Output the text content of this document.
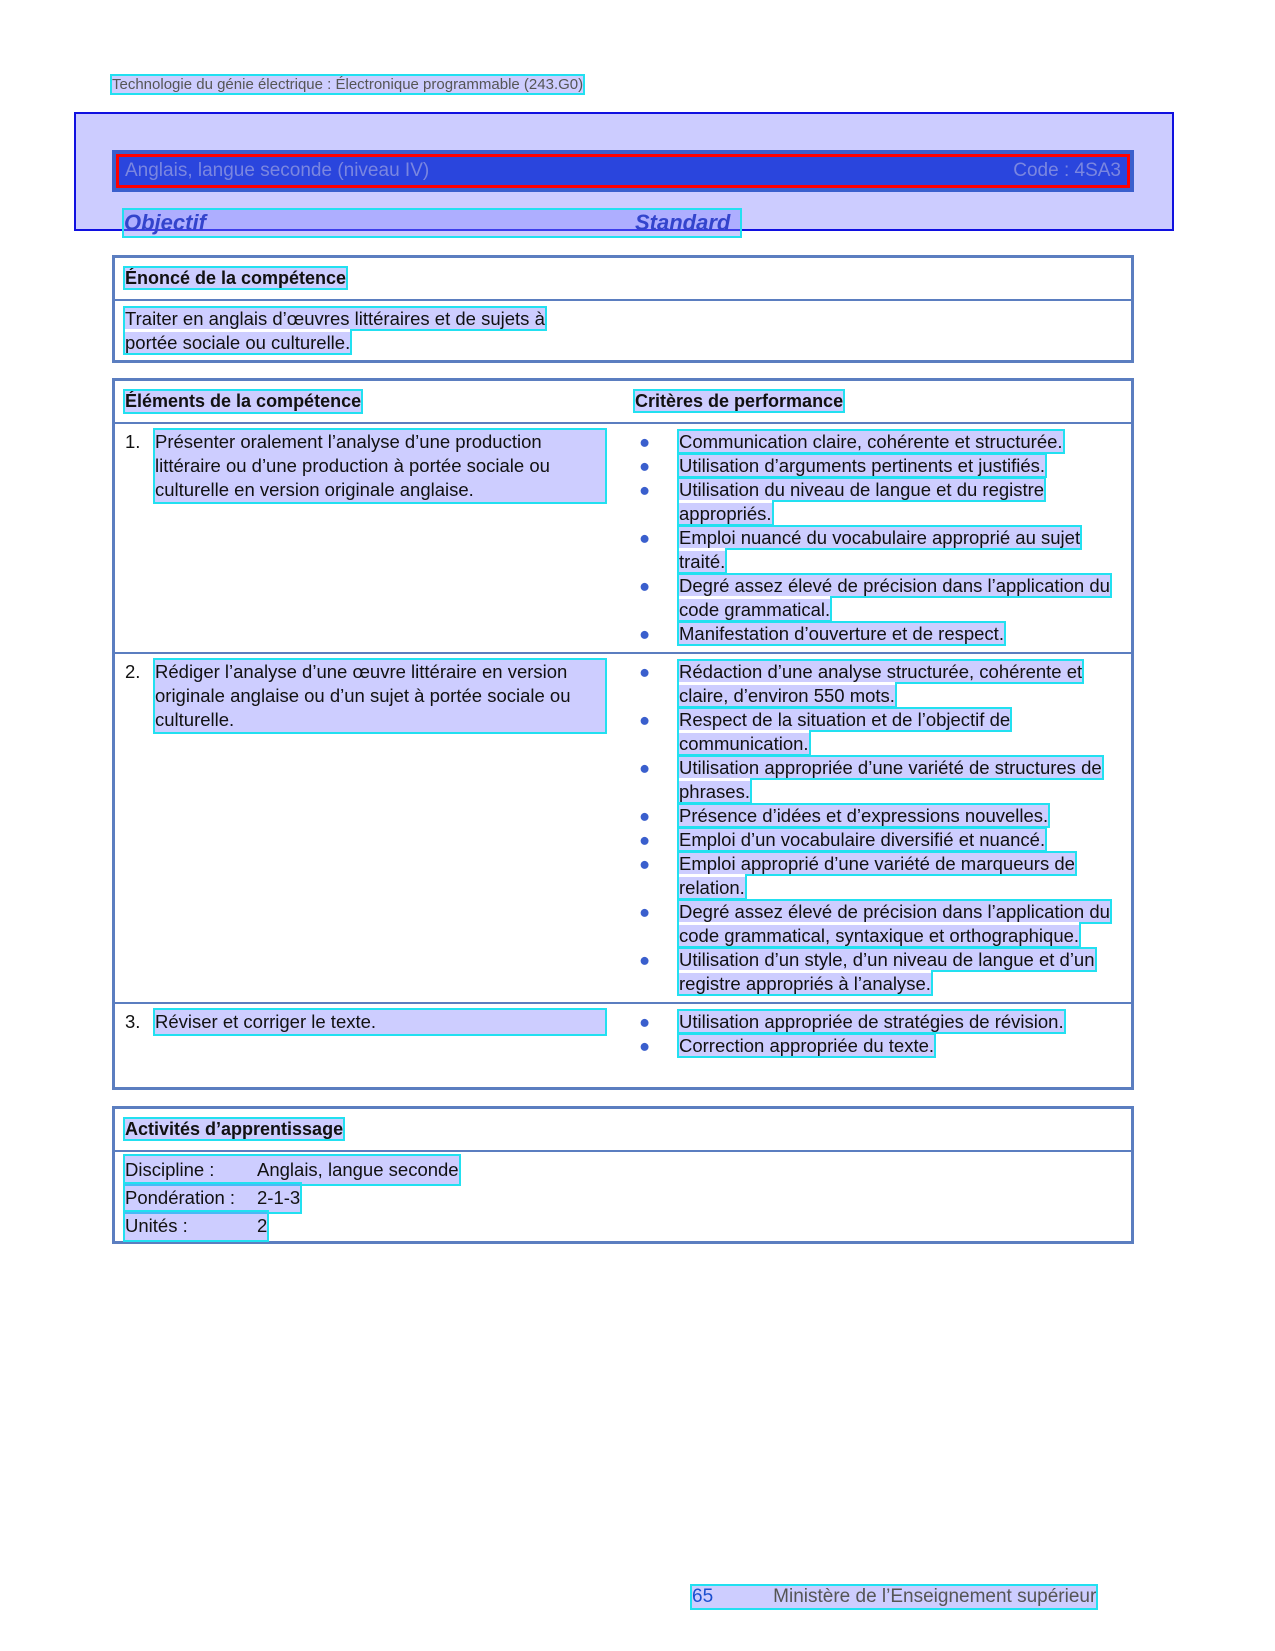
Technologie du génie électrique : Électronique programmable (243.G0)
Anglais, langue seconde (niveau IV)	Code : 4SA3
Objectif	Standard
Énoncé de la compétence
Traiter en anglais d’œuvres littéraires et de sujets à portée sociale ou culturelle.
Éléments de la compétence	Critères de performance
1. Présenter oralement l’analyse d’une production littéraire ou d’une production à portée sociale ou culturelle en version originale anglaise.
●	Communication claire, cohérente et structurée.
●	Utilisation d’arguments pertinents et justifiés.
●	Utilisation du niveau de langue et du registre appropriés.
●	Emploi nuancé du vocabulaire approprié au sujet traité.
●	Degré assez élevé de précision dans l’application du code grammatical.
●	Manifestation d’ouverture et de respect.
2. Rédiger l’analyse d’une œuvre littéraire en version originale anglaise ou d’un sujet à portée sociale ou culturelle.
●	Rédaction d’une analyse structurée, cohérente et claire, d’environ 550 mots.
●	Respect de la situation et de l’objectif de communication.
●	Utilisation appropriée d’une variété de structures de phrases.
●	Présence d’idées et d’expressions nouvelles.
●	Emploi d’un vocabulaire diversifié et nuancé.
●	Emploi approprié d’une variété de marqueurs de relation.
●	Degré assez élevé de précision dans l’application du code grammatical, syntaxique et orthographique.
●	Utilisation d’un style, d’un niveau de langue et d’un registre appropriés à l’analyse.
3. Réviser et corriger le texte.	●	Utilisation appropriée de stratégies de révision.
●	Correction appropriée du texte.
Activités d’apprentissage
Discipline :	Anglais, langue seconde

Pondération :	2-1-3

Unités :	2
65	Ministère de l’Enseignement supérieur
